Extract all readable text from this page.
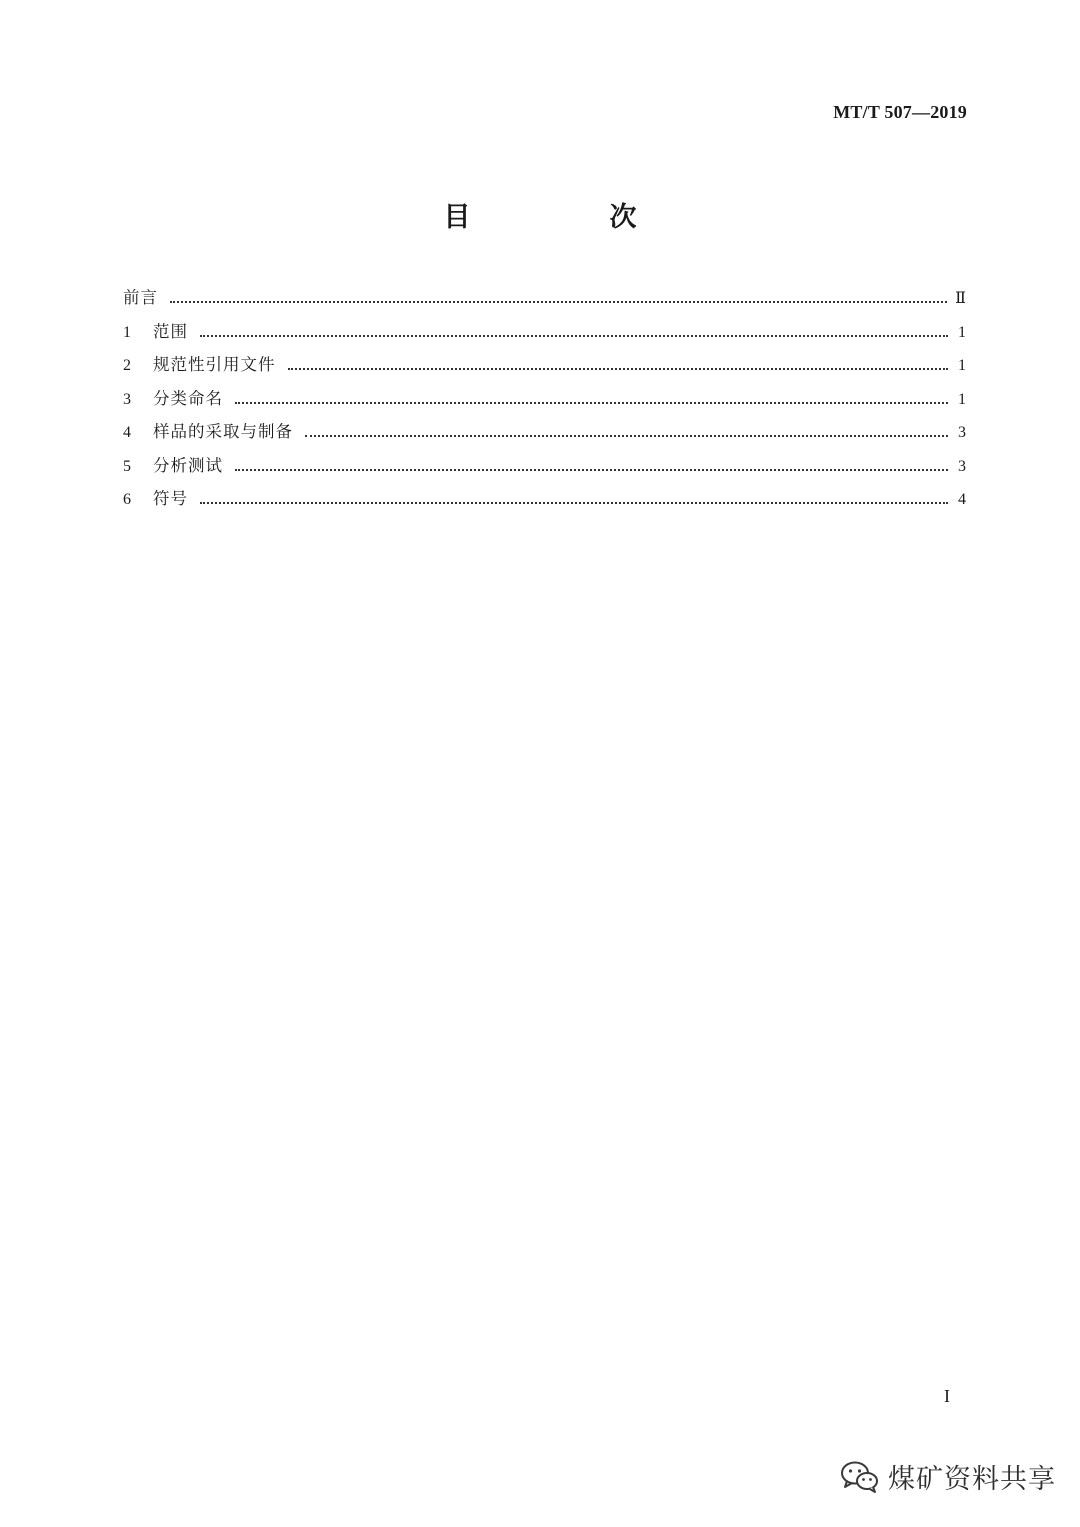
MT/T 507—2019
目　次
前言	Ⅱ
1	范围	1
2	规范性引用文件	1
3	分类命名	1
4	样品的采取与制备	3
5	分析测试	3
6	符号	4
I
煤矿资料共享
